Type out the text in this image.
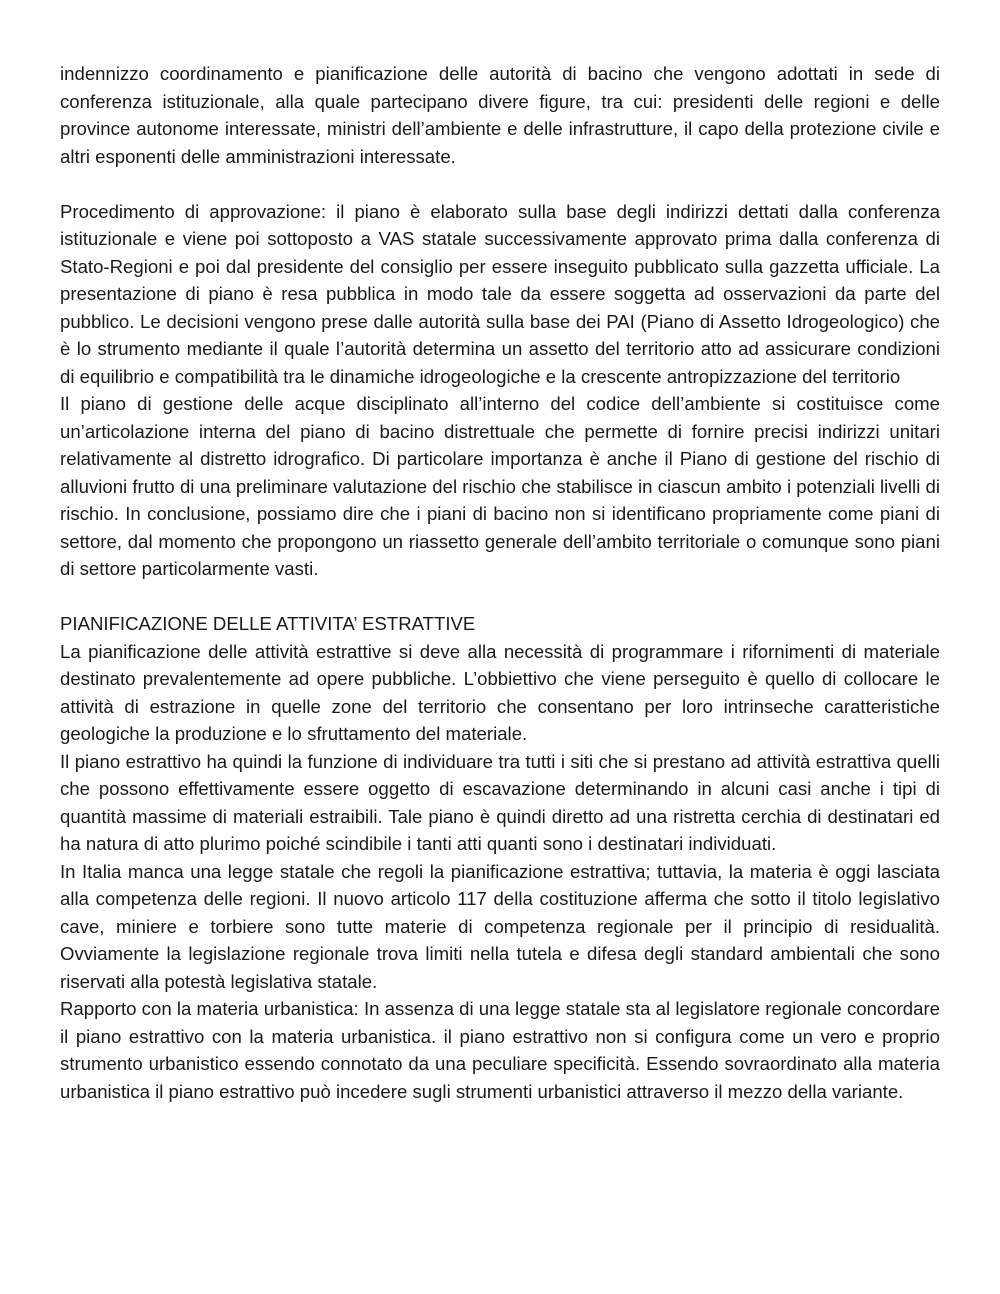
indennizzo coordinamento e pianificazione delle autorità di bacino che vengono adottati in sede di conferenza istituzionale, alla quale partecipano divere figure, tra cui: presidenti delle regioni e delle province autonome interessate, ministri dell’ambiente e delle infrastrutture, il capo della protezione civile e altri esponenti delle amministrazioni interessate.

Procedimento di approvazione: il piano è elaborato sulla base degli indirizzi dettati dalla conferenza istituzionale e viene poi sottoposto a VAS statale successivamente approvato prima dalla conferenza di Stato-Regioni e poi dal presidente del consiglio per essere inseguito pubblicato sulla gazzetta ufficiale. La presentazione di piano è resa pubblica in modo tale da essere soggetta ad osservazioni da parte del pubblico. Le decisioni vengono prese dalle autorità sulla base dei PAI (Piano di Assetto Idrogeologico) che è lo strumento mediante il quale l’autorità determina un assetto del territorio atto ad assicurare condizioni di equilibrio e compatibilità tra le dinamiche idrogeologiche e la crescente antropizzazione del territorio

Il piano di gestione delle acque disciplinato all’interno del codice dell’ambiente si costituisce come un’articolazione interna del piano di bacino distrettuale che permette di fornire precisi indirizzi unitari relativamente al distretto idrografico. Di particolare importanza è anche il Piano di gestione del rischio di alluvioni frutto di una preliminare valutazione del rischio che stabilisce in ciascun ambito i potenziali livelli di rischio. In conclusione, possiamo dire che i piani di bacino non si identificano propriamente come piani di settore, dal momento che propongono un riassetto generale dell’ambito territoriale o comunque sono piani di settore particolarmente vasti.

PIANIFICAZIONE DELLE ATTIVITA’ ESTRATTIVE

La pianificazione delle attività estrattive si deve alla necessità di programmare i rifornimenti di materiale destinato prevalentemente ad opere pubbliche. L’obbiettivo che viene perseguito è quello di collocare le attività di estrazione in quelle zone del territorio che consentano per loro intrinseche caratteristiche geologiche la produzione e lo sfruttamento del materiale.

Il piano estrattivo ha quindi la funzione di individuare tra tutti i siti che si prestano ad attività estrattiva quelli che possono effettivamente essere oggetto di escavazione determinando in alcuni casi anche i tipi di quantità massime di materiali estraibili. Tale piano è quindi diretto ad una ristretta cerchia di destinatari ed ha natura di atto plurimo poiché scindibile i tanti atti quanti sono i destinatari individuati.

In Italia manca una legge statale che regoli la pianificazione estrattiva; tuttavia, la materia è oggi lasciata alla competenza delle regioni. Il nuovo articolo 117 della costituzione afferma che sotto il titolo legislativo cave, miniere e torbiere sono tutte materie di competenza regionale per il principio di residualità. Ovviamente la legislazione regionale trova limiti nella tutela e difesa degli standard ambientali che sono riservati alla potestà legislativa statale.

Rapporto con la materia urbanistica: In assenza di una legge statale sta al legislatore regionale concordare il piano estrattivo con la materia urbanistica. il piano estrattivo non si configura come un vero e proprio strumento urbanistico essendo connotato da una peculiare specificità. Essendo sovraordinato alla materia urbanistica il piano estrattivo può incedere sugli strumenti urbanistici attraverso il mezzo della variante.
